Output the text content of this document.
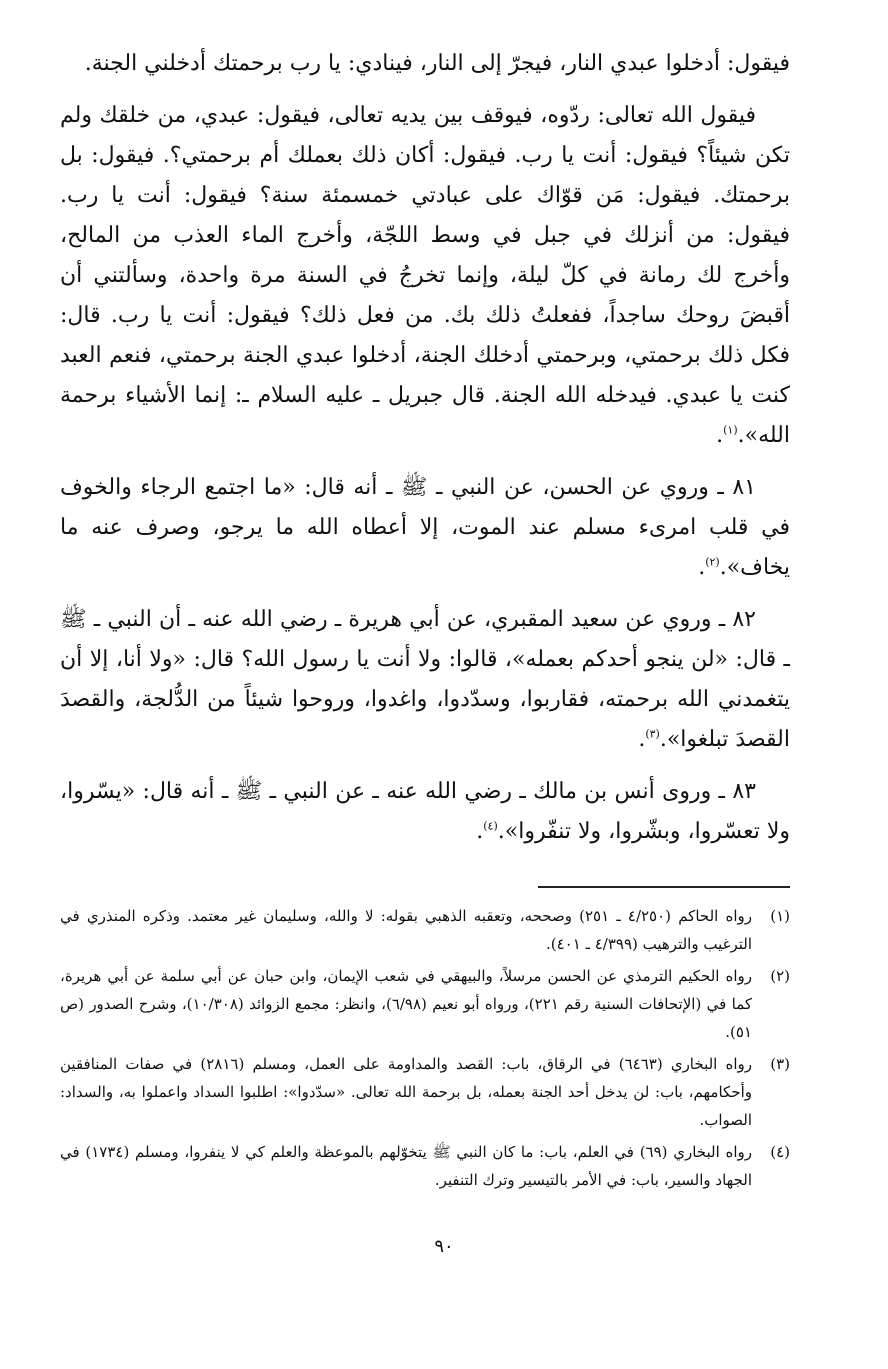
فيقول: أدخلوا عبدي النار، فيجرّ إلى النار، فينادي: يا رب برحمتك أدخلني الجنة.

فيقول الله تعالى: ردّوه، فيوقف بين يديه تعالى، فيقول: عبدي، من خلقك ولم تكن شيئاً؟ فيقول: أنت يا رب. فيقول: أكان ذلك بعملك أم برحمتي؟. فيقول: بل برحمتك. فيقول: مَن قوّاك على عبادتي خمسمئة سنة؟ فيقول: أنت يا رب. فيقول: من أنزلك في جبل في وسط اللجّة، وأخرج الماء العذب من المالح، وأخرج لك رمانة في كلّ ليلة، وإنما تخرجُ في السنة مرة واحدة، وسألتني أن أقبضَ روحك ساجداً، ففعلتُ ذلك بك. من فعل ذلك؟ فيقول: أنت يا رب. قال: فكل ذلك برحمتي، وبرحمتي أدخلك الجنة، أدخلوا عبدي الجنة برحمتي، فنعم العبد كنت يا عبدي. فيدخله الله الجنة. قال جبريل ـ عليه السلام ـ: إنما الأشياء برحمة الله».$^{(١)}$.

٨١ ـ وروي عن الحسن، عن النبي ـ ﷺ ـ أنه قال: «ما اجتمع الرجاء والخوف في قلب امرىء مسلم عند الموت، إلا أعطاه الله ما يرجو، وصرف عنه ما يخاف».$^{(٢)}$.

٨٢ ـ وروي عن سعيد المقبري، عن أبي هريرة ـ رضي الله عنه ـ أن النبي ـ ﷺ ـ قال: «لن ينجو أحدكم بعمله»، قالوا: ولا أنت يا رسول الله؟ قال: «ولا أنا، إلا أن يتغمدني الله برحمته، فقاربوا، وسدّدوا، واغدوا، وروحوا شيئاً من الدُّلجة، والقصدَ القصدَ تبلغوا».$^{(٣)}$.

٨٣ ـ وروى أنس بن مالك ـ رضي الله عنه ـ عن النبي ـ ﷺ ـ أنه قال: «يسّروا، ولا تعسّروا، وبشّروا، ولا تنفّروا».$^{(٤)}$.

(١)
رواه الحاكم (٤/٢٥٠ ـ ٢٥١) وصححه، وتعقبه الذهبي بقوله: لا والله، وسليمان غير معتمد. وذكره المنذري في الترغيب والترهيب (٤/٣٩٩ ـ ٤٠١).
(٢)
رواه الحكيم الترمذي عن الحسن مرسلاً، والبيهقي في شعب الإيمان، وابن حبان عن أبي سلمة عن أبي هريرة، كما في (الإتحافات السنية رقم ٢٢١)، ورواه أبو نعيم (٦/٩٨)، وانظر: مجمع الزوائد (١٠/٣٠٨)، وشرح الصدور (ص ٥١).
(٣)
رواه البخاري (٦٤٦٣) في الرقاق، باب: القصد والمداومة على العمل، ومسلم (٢٨١٦) في صفات المنافقين وأحكامهم، باب: لن يدخل أحد الجنة بعمله، بل برحمة الله تعالى. «سدّدوا»: اطلبوا السداد واعملوا به، والسداد: الصواب.
(٤)
رواه البخاري (٦٩) في العلم، باب: ما كان النبي ﷺ يتخوّلهم بالموعظة والعلم كي لا ينفروا، ومسلم (١٧٣٤) في الجهاد والسير، باب: في الأمر بالتيسير وترك التنفير.
٩٠
